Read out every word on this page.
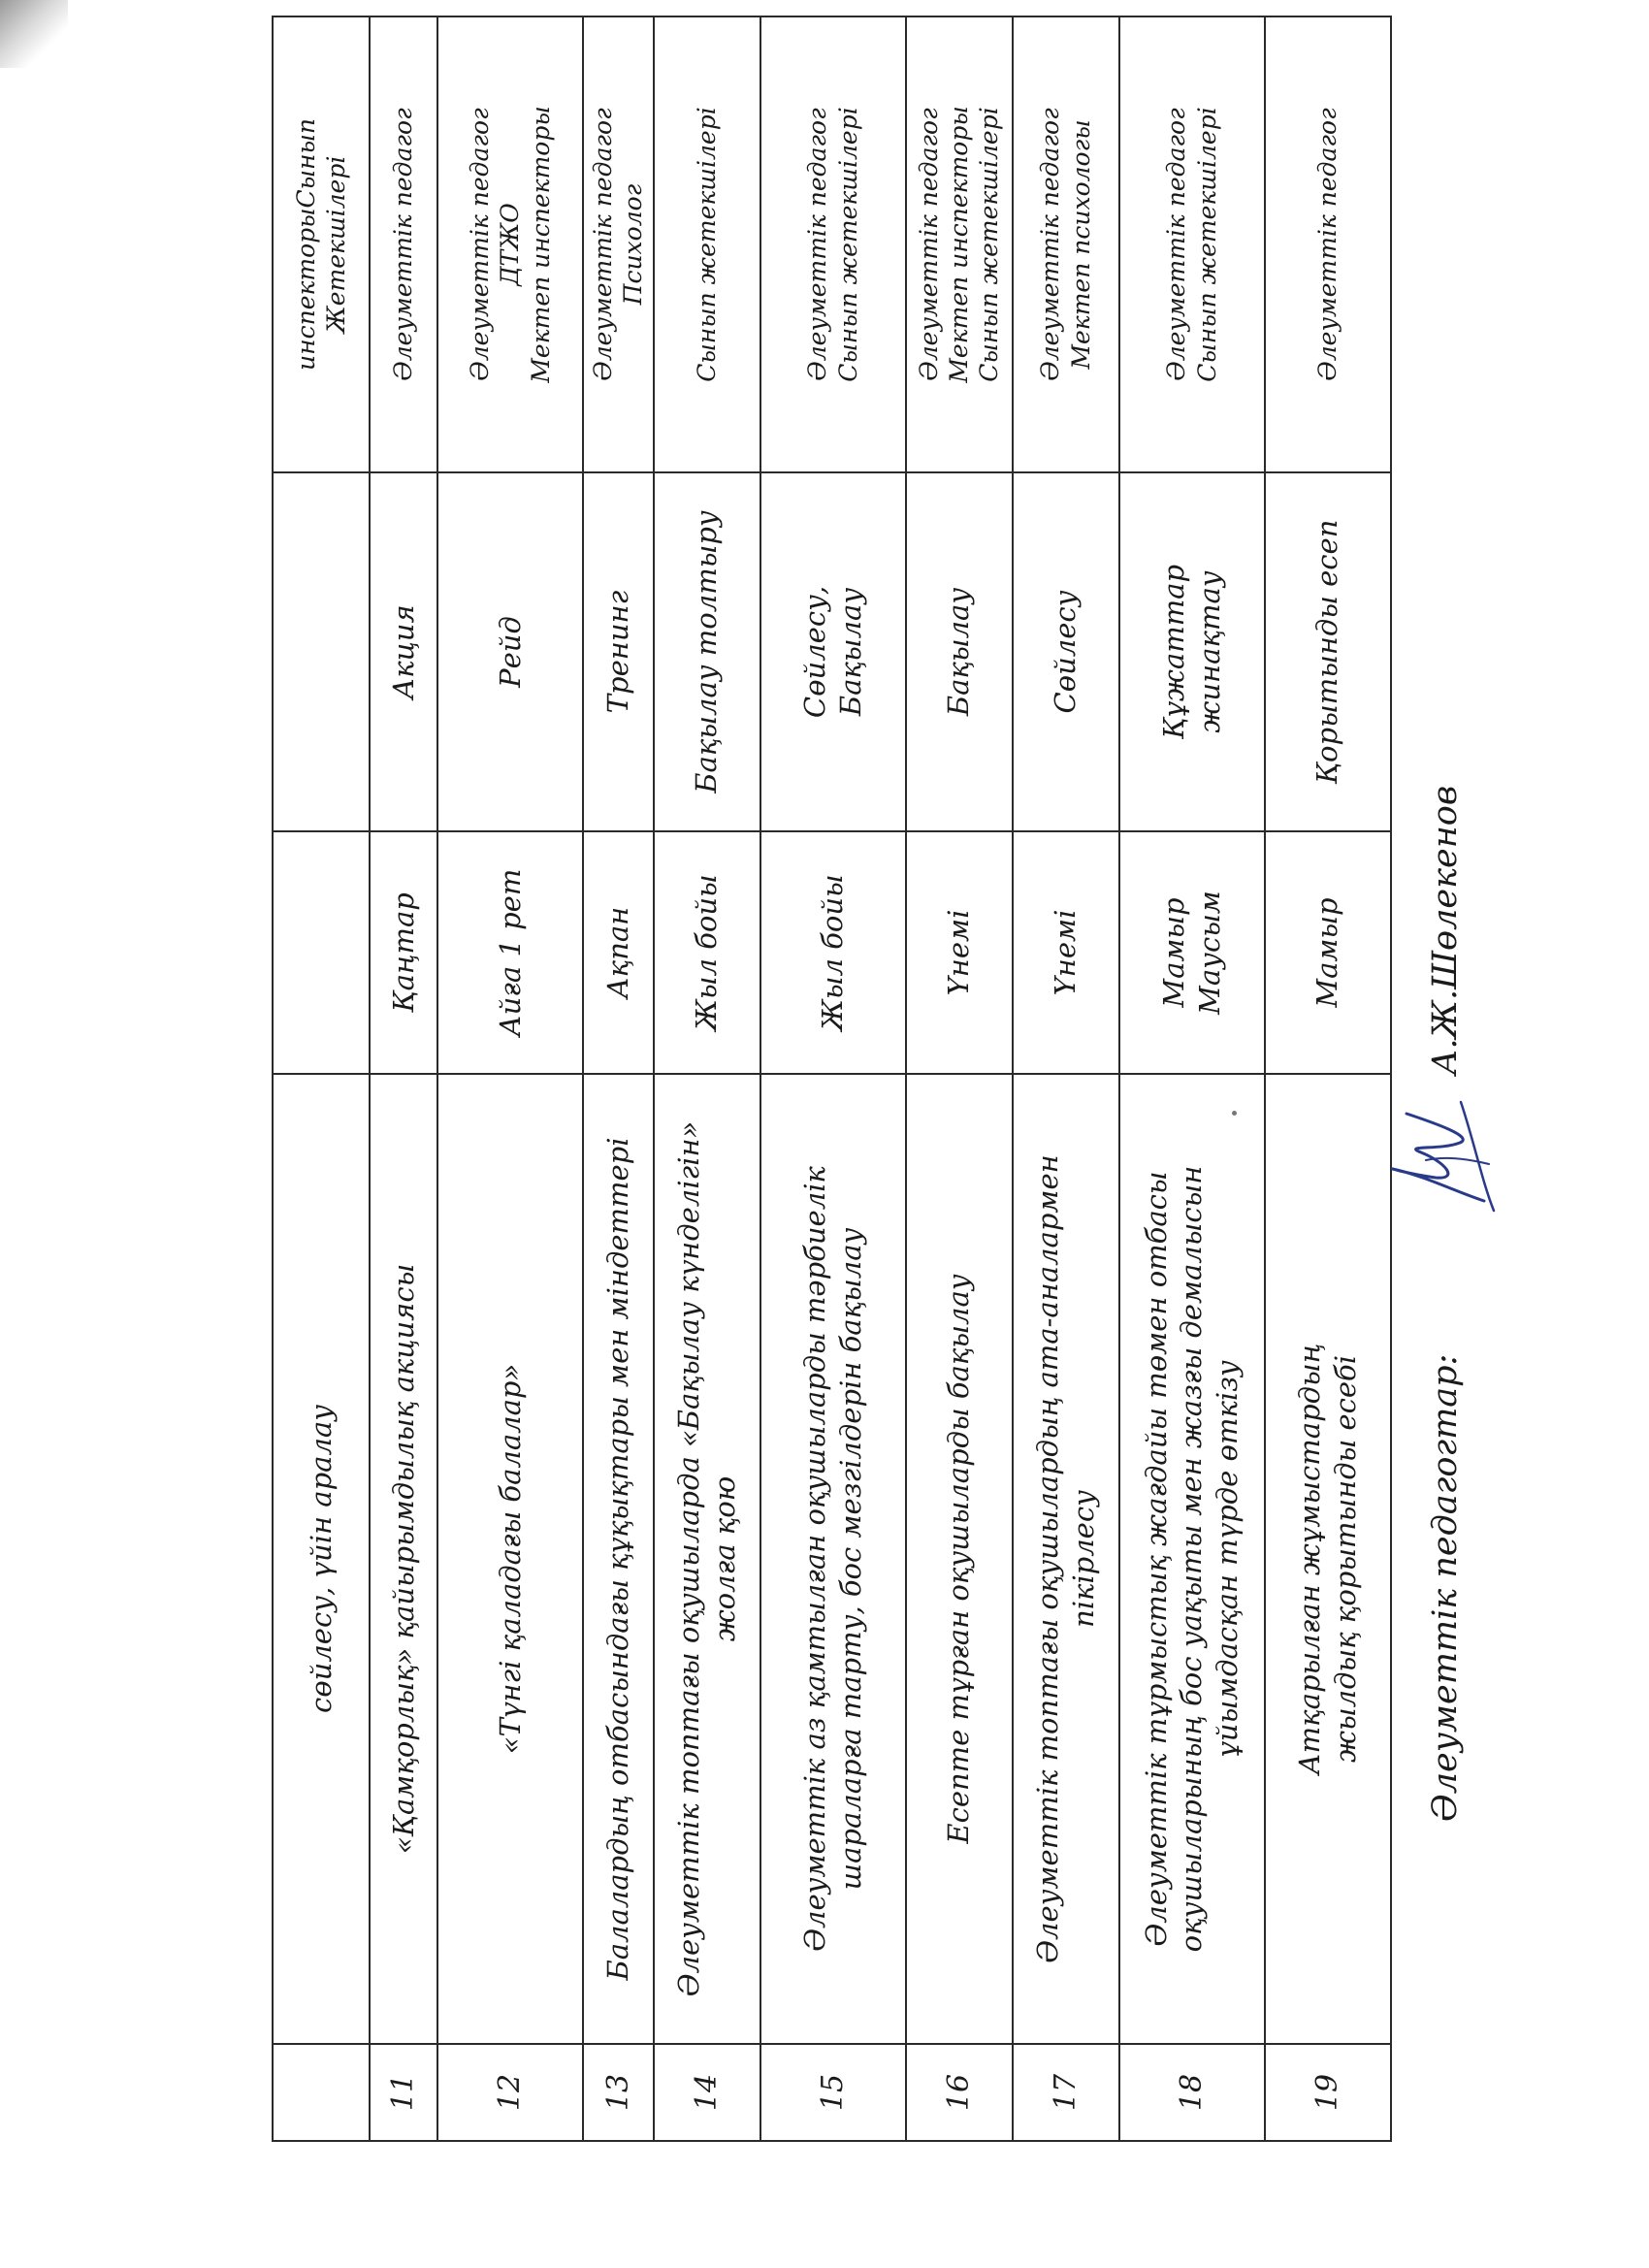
	сөйлесу, үйін аралау			инспекторыСынып Жетекшілері

11	«Қамқорлық» қайырымдылық акциясы	Қаңтар	Акция	Әлеуметтік педагог

12	«Түнгі қаладағы балалар»	Айға 1 рет	Рейд	Әлеуметтік педагог ДТЖО Мектеп инспекторы

13	Балалардың отбасындағы құқықтары мен міндеттері	Ақпан	Тренинг	Әлеуметтік педагог Психолог

14	Әлеуметтік топтағы оқушыларда «Бақылау күнделігін» жолға қою	Жыл бойы	Бақылау толтыру	Сынып жетекшілері

15	Әлеуметтік аз қамтылған оқушыларды тәрбиелік шараларға тарту, бос мезгілдерін бақылау	Жыл бойы	Сөйлесу, Бақылау	Әлеуметтік педагог Сынып жетекшілері

16	Есепте тұрған оқушыларды бақылау	Үнемі	Бақылау	Әлеуметтік педагог Мектеп инспекторы Сынып жетекшілері

17	Әлеуметтік топтағы оқушылардың ата-аналармен пікірлесу	Үнемі	Сөйлесу	Әлеуметтік педагог Мектеп психологы

18	Әлеуметтік тұрмыстық жағдайы төмен отбасы оқушыларының бос уақыты мен жазғы демалысын ұйымдасқан түрде өткізу	Мамыр Маусым	Құжаттар жинақтау	Әлеуметтік педагог Сынып жетекшілері

19	Атқарылған жұмыстардың жылдық қорытынды есебі	Мамыр	Қорытынды есеп	Әлеуметтік педагог
Әлеуметтік педагогтар:
А.Ж.Шөлекенов
